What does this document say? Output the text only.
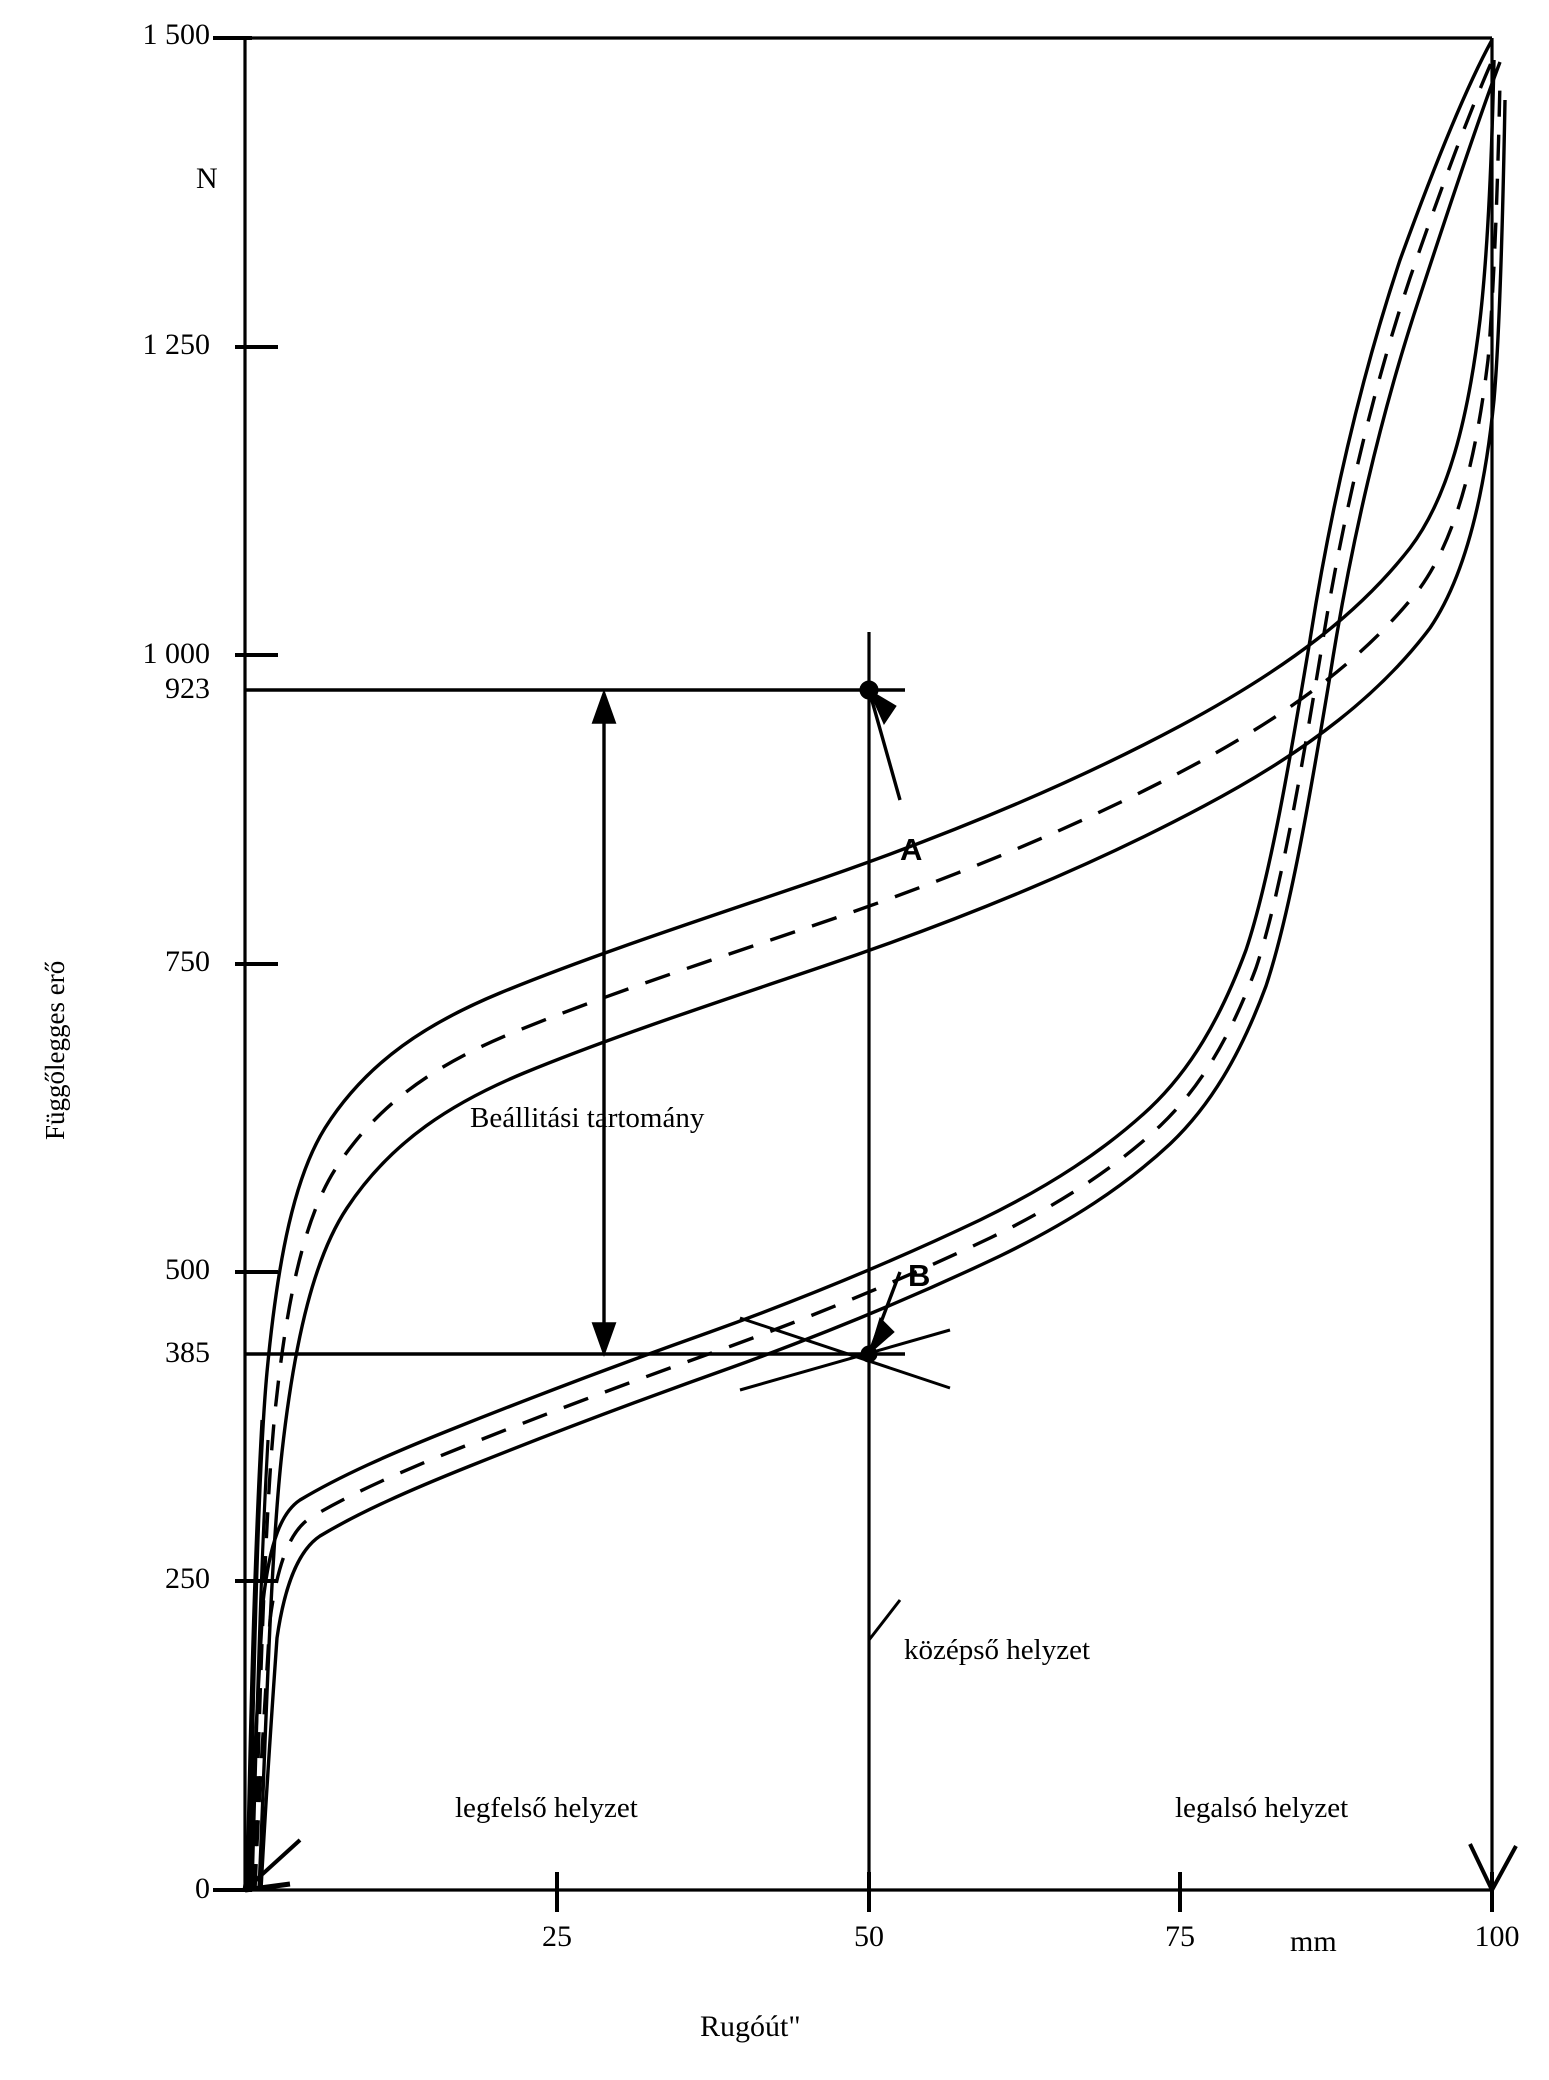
Függőlegges erő
N
1 500
1 250
1 000
923
750
500
385
250
0
25	50	75	100
mm
Beállitási tartomány
A
B
középső helyzet
legfelső helyzet	legalsó helyzet
Rugóút"
